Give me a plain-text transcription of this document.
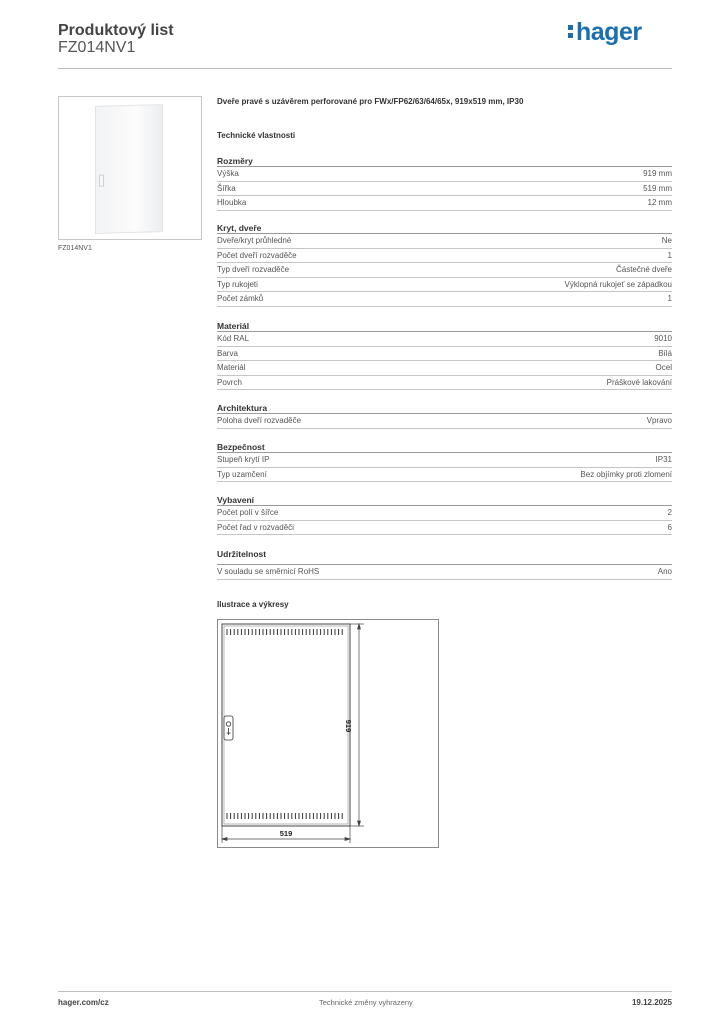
Produktový list
FZ014NV1
hager
FZ014NV1
Dveře pravé s uzávěrem perforované pro FWx/FP62/63/64/65x, 919x519 mm, IP30
Technické vlastnosti
Rozměry
Výška	919 mm
Šířka	519 mm
Hloubka	12 mm
Kryt, dveře
Dveře/kryt průhledné	Ne
Počet dveří rozvaděče	1
Typ dveří rozvaděče	Částečné dveře
Typ rukojeti	Výklopná rukojeť se západkou
Počet zámků	1
Materiál
Kód RAL	9010
Barva	Bílá
Materiál	Ocel
Povrch	Práškové lakování
Architektura
Poloha dveří rozvaděče	Vpravo
Bezpečnost
Stupeň krytí IP	IP31
Typ uzamčení	Bez objímky proti zlomení
Vybavení
Počet polí v šířce	2
Počet řad v rozvaděči	6
Udržitelnost
V souladu se směrnicí RoHS	Ano
Ilustrace a výkresy
919
519
hager.com/cz	Technické změny vyhrazeny	19.12.2025
